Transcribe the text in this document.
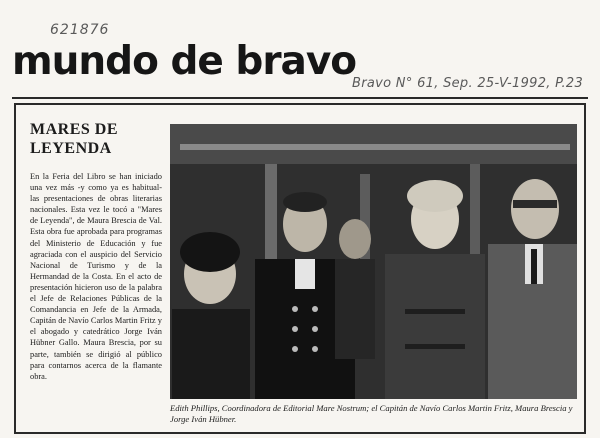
621876
mundo de bravo
Bravo N° 61, Sep. 25-V-1992, P.23
MARES DE LEYENDA

En la Feria del Libro se han iniciado una vez más -y como ya es habitual- las presentaciones de obras literarias nacionales. Esta vez le tocó a "Mares de Leyenda", de Maura Brescia de Val. Esta obra fue aprobada para programas del Ministerio de Educación y fue agraciada con el auspicio del Servicio Nacional de Turismo y de la Hermandad de la Costa. En el acto de presentación hicieron uso de la palabra el Jefe de Relaciones Públicas de la Comandancia en Jefe de la Armada, Capitán de Navío Carlos Martin Fritz y el abogado y catedrático Jorge Iván Hübner Gallo. Maura Brescia, por su parte, también se dirigió al público para contarnos acerca de la flamante obra.

Edith Phillips, Coordinadora de Editorial Mare Nostrum; el Capitán de Navío Carlos Martin Fritz, Maura Brescia y Jorge Iván Hübner.
